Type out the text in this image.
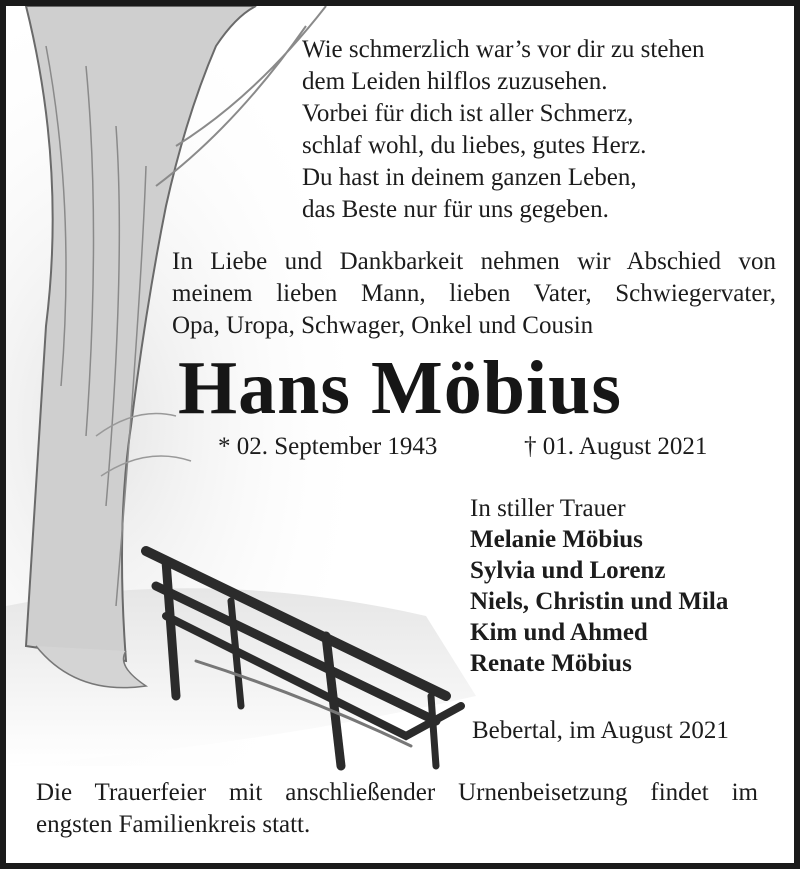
Wie schmerzlich war’s vor dir zu stehen
dem Leiden hilflos zuzusehen.
Vorbei für dich ist aller Schmerz,
schlaf wohl, du liebes, gutes Herz.
Du hast in deinem ganzen Leben,
das Beste nur für uns gegeben.
In Liebe und Dankbarkeit nehmen wir Abschied von
meinem lieben Mann, lieben Vater, Schwiegervater,
Opa, Uropa, Schwager, Onkel und Cousin
Hans Möbius
* 02. September 1943	† 01. August 2021
In stiller Trauer
Melanie Möbius
Sylvia und Lorenz
Niels, Christin und Mila
Kim und Ahmed
Renate Möbius
Bebertal, im August 2021
Die Trauerfeier mit anschließender Urnenbeisetzung findet im
engsten Familienkreis statt.
